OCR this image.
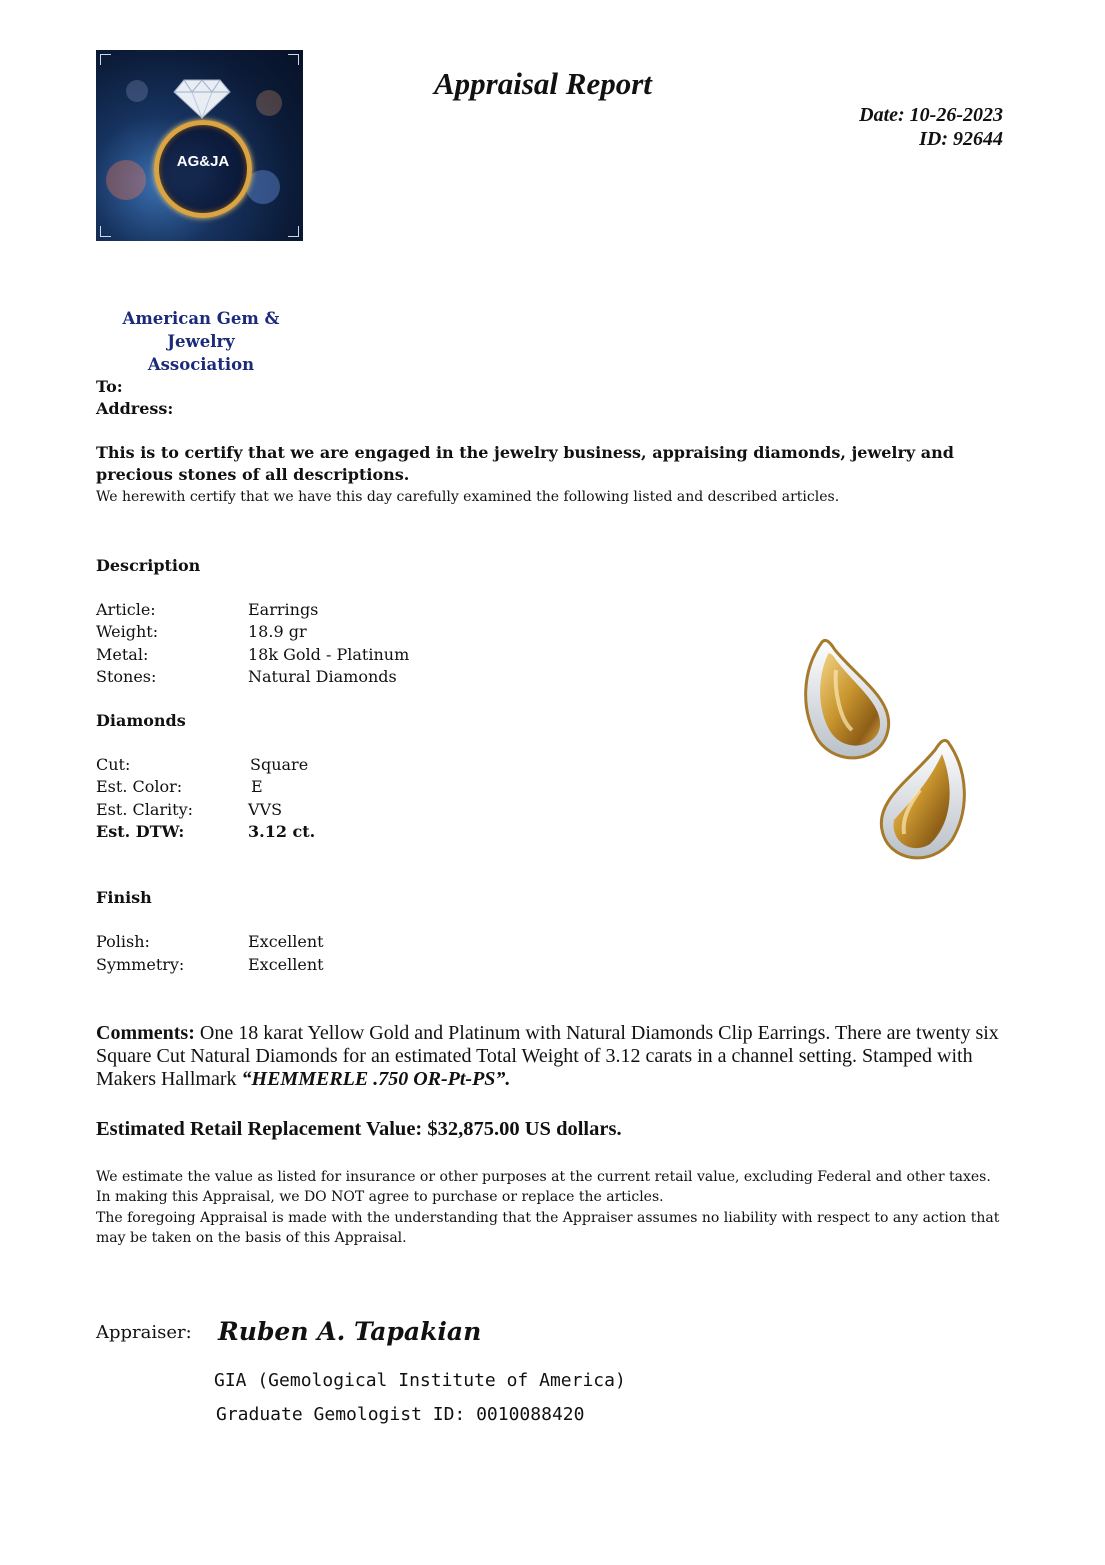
AG&JA
Appraisal Report
Date: 10-26-2023
ID: 92644
American Gem & Jewelry
Association
To:
Address:
This is to certify that we are engaged in the jewelry business, appraising diamonds, jewelry and precious stones of all descriptions.
We herewith certify that we have this day carefully examined the following listed and described articles.
Description
Article:	Earrings
Weight:	18.9 gr
Metal:	18k Gold - Platinum
Stones:	Natural Diamonds
Diamonds
Cut:	Square
Est. Color:	E
Est. Clarity:	VVS
Est. DTW:	3.12 ct.
Finish
Polish:	Excellent
Symmetry:	Excellent
Comments: One 18 karat Yellow Gold and Platinum with Natural Diamonds Clip Earrings. There are twenty six Square Cut Natural Diamonds for an estimated Total Weight of 3.12 carats in a channel setting. Stamped with Makers Hallmark “HEMMERLE .750 OR-Pt-PS”.
Estimated Retail Replacement Value: $32,875.00 US dollars.
We estimate the value as listed for insurance or other purposes at the current retail value, excluding Federal and other taxes. In making this Appraisal, we DO NOT agree to purchase or replace the articles.
The foregoing Appraisal is made with the understanding that the Appraiser assumes no liability with respect to any action that may be taken on the basis of this Appraisal.
Appraiser: Ruben A. Tapakian
GIA (Gemological Institute of America)
Graduate Gemologist ID: 0010088420
